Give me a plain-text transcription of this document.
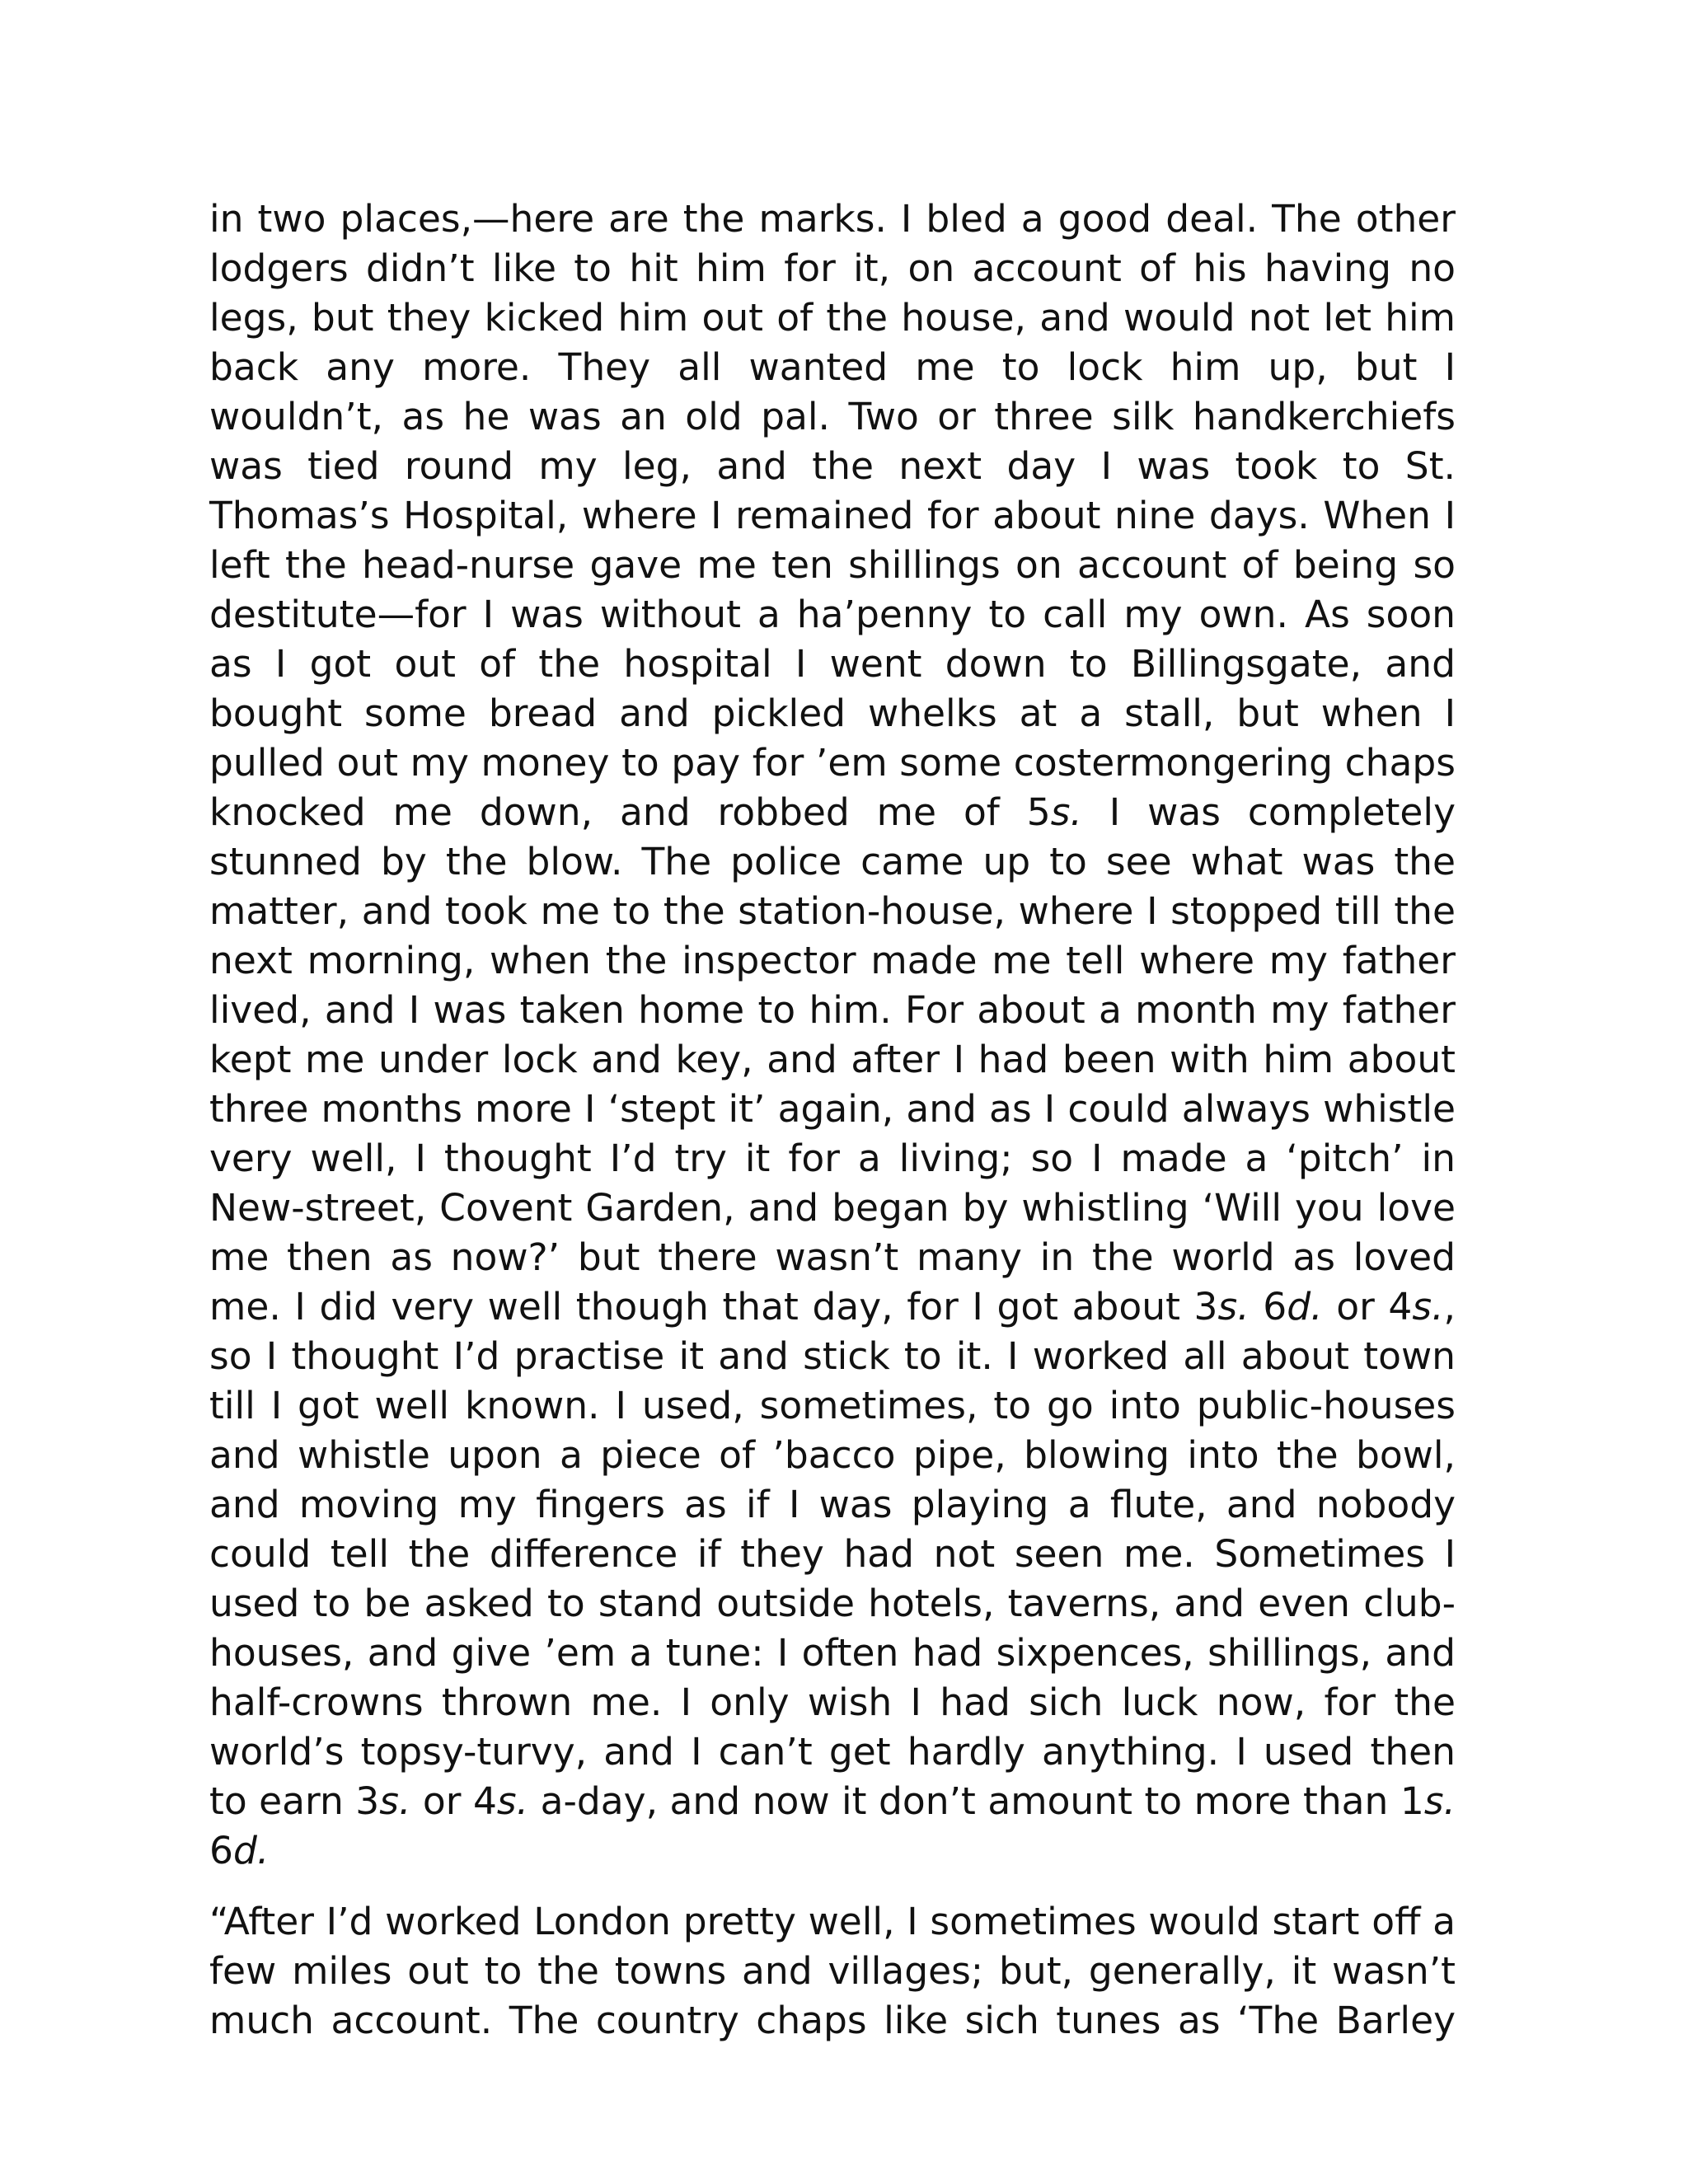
in two places,—here are the marks. I bled a good deal. The other lodgers didn’t like to hit him for it, on account of his having no legs, but they kicked him out of the house, and would not let him back any more. They all wanted me to lock him up, but I wouldn’t, as he was an old pal. Two or three silk handkerchiefs was tied round my leg, and the next day I was took to St. Thomas’s Hospital, where I remained for about nine days. When I left the head-nurse gave me ten shillings on account of being so destitute—for I was without a ha’penny to call my own. As soon as I got out of the hospital I went down to Billingsgate, and bought some bread and pickled whelks at a stall, but when I pulled out my money to pay for ’em some costermongering chaps knocked me down, and robbed me of 5s. I was completely stunned by the blow. The police came up to see what was the matter, and took me to the station-house, where I stopped till the next morning, when the inspector made me tell where my father lived, and I was taken home to him. For about a month my father kept me under lock and key, and after I had been with him about three months more I ‘stept it’ again, and as I could always whistle very well, I thought I’d try it for a living; so I made a ‘pitch’ in New-street, Covent Garden, and began by whistling ‘Will you love me then as now?’ but there wasn’t many in the world as loved me. I did very well though that day, for I got about 3s. 6d. or 4s., so I thought I’d practise it and stick to it. I worked all about town till I got well known. I used, sometimes, to go into public-houses and whistle upon a piece of ’bacco pipe, blowing into the bowl, and moving my fingers as if I was playing a flute, and nobody could tell the difference if they had not seen me. Sometimes I used to be asked to stand outside hotels, taverns, and even club-houses, and give ’em a tune: I often had sixpences, shillings, and half-crowns thrown me. I only wish I had sich luck now, for the world’s topsy-turvy, and I can’t get hardly anything. I used then to earn 3s. or 4s. a-day, and now it don’t amount to more than 1s. 6d.

“After I’d worked London pretty well, I sometimes would start off a few miles out to the towns and villages; but, generally, it wasn’t much account. The country chaps like sich tunes as ‘The Barley
